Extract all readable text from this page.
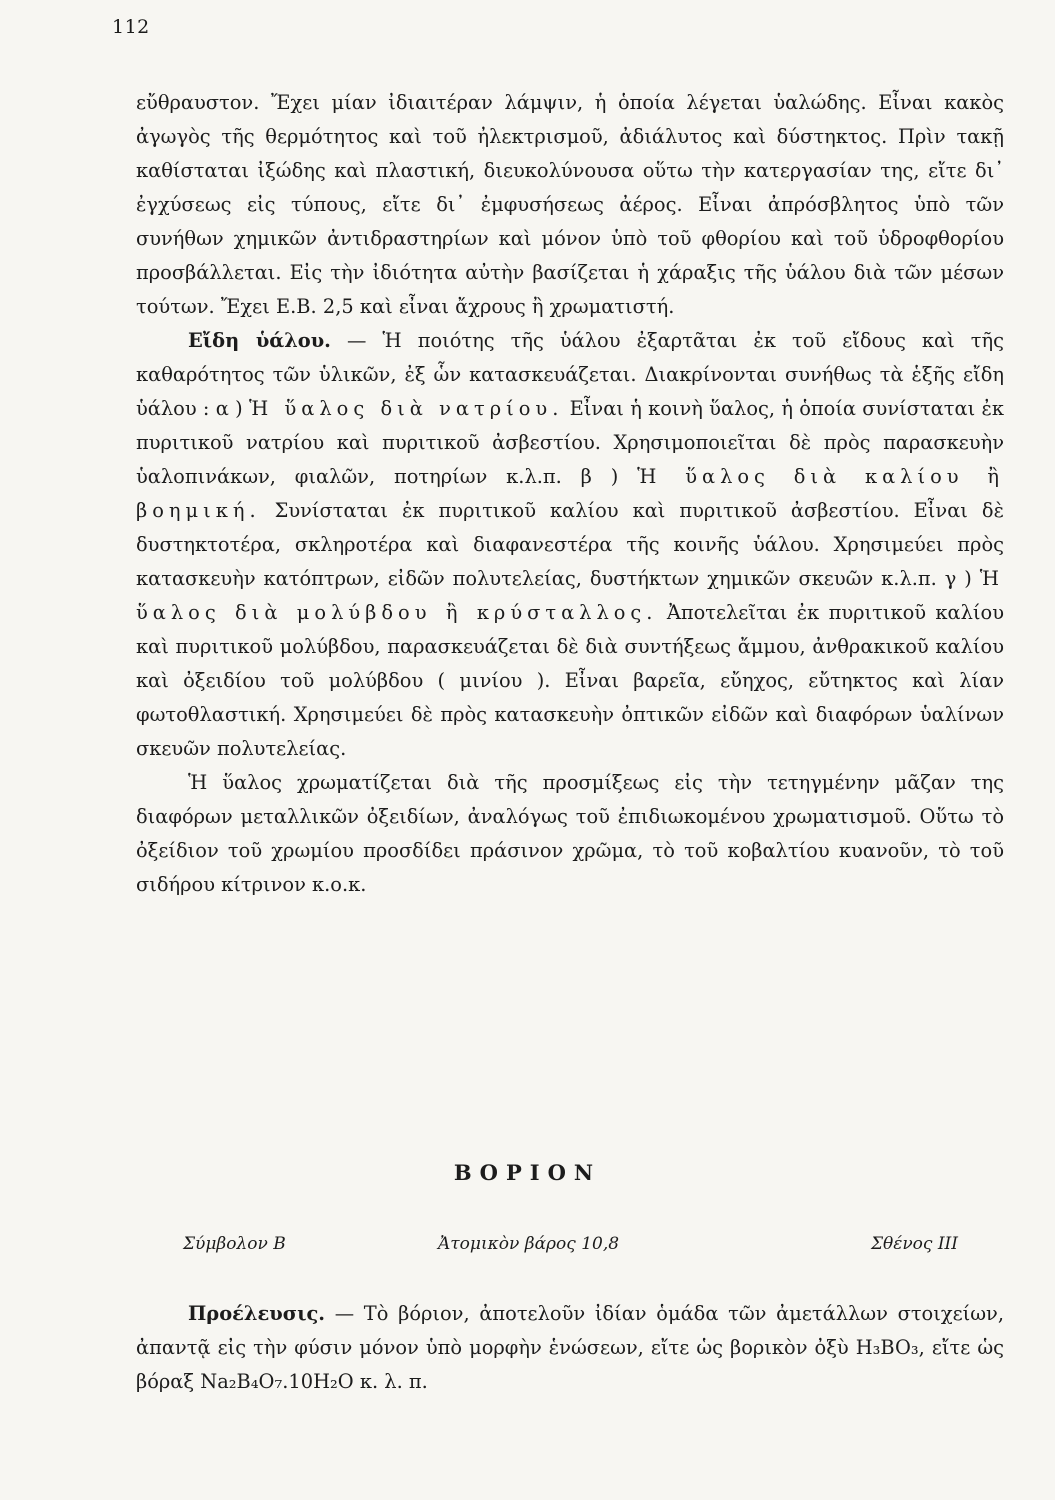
112

εὔθραυστον. Ἔχει μίαν ἰδιαιτέραν λάμψιν, ἡ ὁποία λέγεται ὑαλώδης. Εἶναι κακὸς ἀγωγὸς τῆς θερμότητος καὶ τοῦ ἠλεκτρισμοῦ, ἀδιάλυτος καὶ δύστηκτος. Πρὶν τακῇ καθίσταται ἰξώδης καὶ πλαστική, διευκολύνουσα οὕτω τὴν κατεργασίαν της, εἴτε δι᾽ ἐγχύσεως εἰς τύπους, εἴτε δι᾽ ἐμφυσήσεως ἀέρος. Εἶναι ἀπρόσβλητος ὑπὸ τῶν συνήθων χημικῶν ἀντιδραστηρίων καὶ μόνον ὑπὸ τοῦ φθορίου καὶ τοῦ ὑδροφθορίου προσβάλλεται. Εἰς τὴν ἰδιότητα αὐτὴν βασίζεται ἡ χάραξις τῆς ὑάλου διὰ τῶν μέσων τούτων. Ἔχει Ε.Β. 2,5 καὶ εἶναι ἄχρους ἢ χρωματιστή.

Εἴδη ὑάλου. — Ἡ ποιότης τῆς ὑάλου ἐξαρτᾶται ἐκ τοῦ εἴδους καὶ τῆς καθαρότητος τῶν ὑλικῶν, ἐξ ὧν κατασκευάζεται. Διακρίνονται συνήθως τὰ ἑξῆς εἴδη ὑάλου : α ) Ἡ ὕαλος διὰ νατρίου. Εἶναι ἡ κοινὴ ὕαλος, ἡ ὁποία συνίσταται ἐκ πυριτικοῦ νατρίου καὶ πυριτικοῦ ἀσβεστίου. Χρησιμοποιεῖται δὲ πρὸς παρασκευὴν ὑαλοπινάκων, φιαλῶν, ποτηρίων κ.λ.π. β ) Ἡ ὕαλος διὰ καλίου ἢ βοημική. Συνίσταται ἐκ πυριτικοῦ καλίου καὶ πυριτικοῦ ἀσβεστίου. Εἶναι δὲ δυστηκτοτέρα, σκληροτέρα καὶ διαφανεστέρα τῆς κοινῆς ὑάλου. Χρησιμεύει πρὸς κατασκευὴν κατόπτρων, εἰδῶν πολυτελείας, δυστήκτων χημικῶν σκευῶν κ.λ.π. γ ) Ἡ ὕαλος διὰ μολύβδου ἢ κρύσταλλος. Ἀποτελεῖται ἐκ πυριτικοῦ καλίου καὶ πυριτικοῦ μολύβδου, παρασκευάζεται δὲ διὰ συντήξεως ἄμμου, ἀνθρακικοῦ καλίου καὶ ὀξειδίου τοῦ μολύβδου ( μινίου ). Εἶναι βαρεῖα, εὔηχος, εὔτηκτος καὶ λίαν φωτοθλαστική. Χρησιμεύει δὲ πρὸς κατασκευὴν ὀπτικῶν εἰδῶν καὶ διαφόρων ὑαλίνων σκευῶν πολυτελείας.

Ἡ ὕαλος χρωματίζεται διὰ τῆς προσμίξεως εἰς τὴν τετηγμένην μᾶζαν της διαφόρων μεταλλικῶν ὀξειδίων, ἀναλόγως τοῦ ἐπιδιωκομένου χρωματισμοῦ. Οὕτω τὸ ὀξείδιον τοῦ χρωμίου προσδίδει πράσινον χρῶμα, τὸ τοῦ κοβαλτίου κυανοῦν, τὸ τοῦ σιδήρου κίτρινον κ.ο.κ.

ΒΟΡΙΟΝ
Σύμβολον Β	Ἀτομικὸν βάρος 10,8	Σθένος III

Προέλευσις. — Τὸ βόριον, ἀποτελοῦν ἰδίαν ὁμάδα τῶν ἀμετάλλων στοιχείων, ἀπαντᾷ εἰς τὴν φύσιν μόνον ὑπὸ μορφὴν ἑνώσεων, εἴτε ὡς βορικὸν ὀξὺ H₃BO₃, εἴτε ὡς βόραξ Na₂B₄O₇.10H₂O κ. λ. π.
